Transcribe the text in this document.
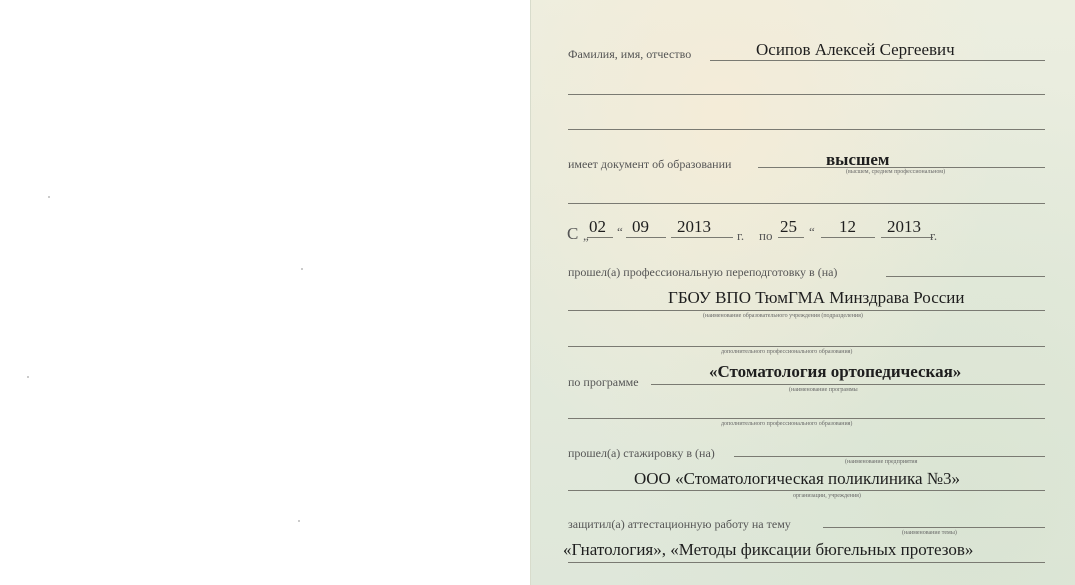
Фамилия, имя, отчество	Осипов Алексей Сергеевич
имеет документ об образовании	высшем
(высшем, среднем профессиональном)
С „ 02 “ 09 2013 г. по 25 “ 12 2013 г.
прошел(а) профессиональную переподготовку в (на)
ГБОУ ВПО ТюмГМА Минздрава России
(наименование образовательного учреждения (подразделения)
дополнительного профессионального образования)
по программе
«Стоматология ортопедическая»
(наименование программы
дополнительного профессионального образования)
прошел(а) стажировку в (на)
(наименование предприятия
ООО «Стоматологическая поликлиника №3»
организации, учреждения)
защитил(а) аттестационную работу на тему
(наименование темы)
«Гнатология», «Методы фиксации бюгельных протезов»
